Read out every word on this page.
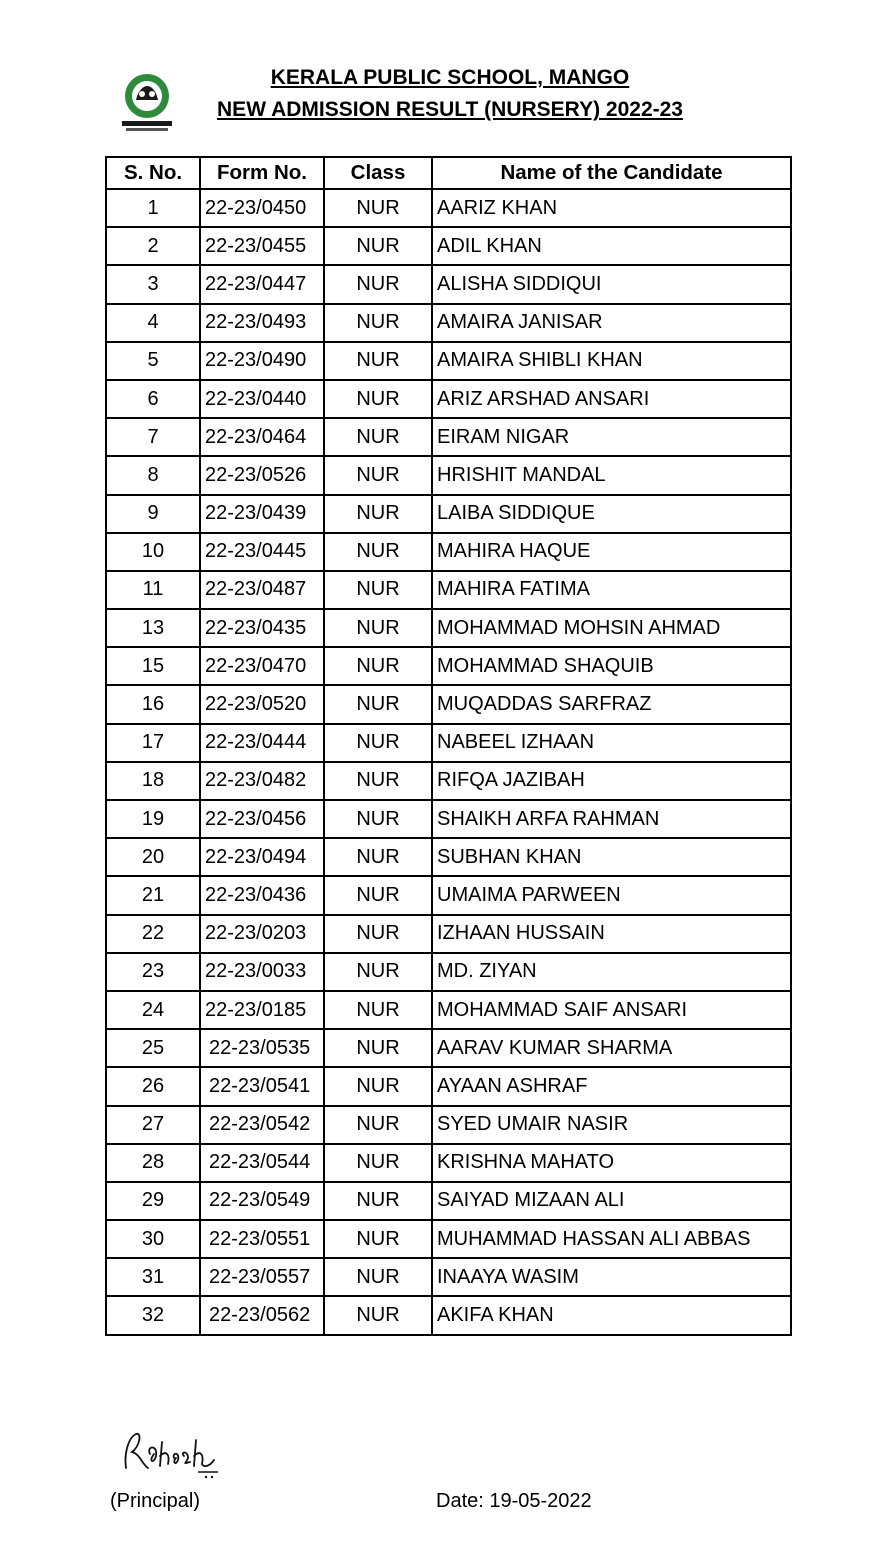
KERALA PUBLIC SCHOOL, MANGO
NEW ADMISSION RESULT (NURSERY) 2022-23
S. No.	Form No.	Class	Name of the Candidate
1	22-23/0450	NUR	AARIZ KHAN
2	22-23/0455	NUR	ADIL KHAN
3	22-23/0447	NUR	ALISHA SIDDIQUI
4	22-23/0493	NUR	AMAIRA JANISAR
5	22-23/0490	NUR	AMAIRA SHIBLI KHAN
6	22-23/0440	NUR	ARIZ ARSHAD ANSARI
7	22-23/0464	NUR	EIRAM NIGAR
8	22-23/0526	NUR	HRISHIT MANDAL
9	22-23/0439	NUR	LAIBA SIDDIQUE
10	22-23/0445	NUR	MAHIRA HAQUE
11	22-23/0487	NUR	MAHIRA FATIMA
13	22-23/0435	NUR	MOHAMMAD MOHSIN AHMAD
15	22-23/0470	NUR	MOHAMMAD SHAQUIB
16	22-23/0520	NUR	MUQADDAS SARFRAZ
17	22-23/0444	NUR	NABEEL IZHAAN
18	22-23/0482	NUR	RIFQA JAZIBAH
19	22-23/0456	NUR	SHAIKH ARFA RAHMAN
20	22-23/0494	NUR	SUBHAN KHAN
21	22-23/0436	NUR	UMAIMA PARWEEN
22	22-23/0203	NUR	IZHAAN HUSSAIN
23	22-23/0033	NUR	MD. ZIYAN
24	22-23/0185	NUR	MOHAMMAD SAIF ANSARI
25	22-23/0535	NUR	AARAV KUMAR SHARMA
26	22-23/0541	NUR	AYAAN ASHRAF
27	22-23/0542	NUR	SYED UMAIR NASIR
28	22-23/0544	NUR	KRISHNA MAHATO
29	22-23/0549	NUR	SAIYAD MIZAAN ALI
30	22-23/0551	NUR	MUHAMMAD HASSAN ALI ABBAS
31	22-23/0557	NUR	INAAYA WASIM
32	22-23/0562	NUR	AKIFA KHAN
(Principal)	Date: 19-05-2022
